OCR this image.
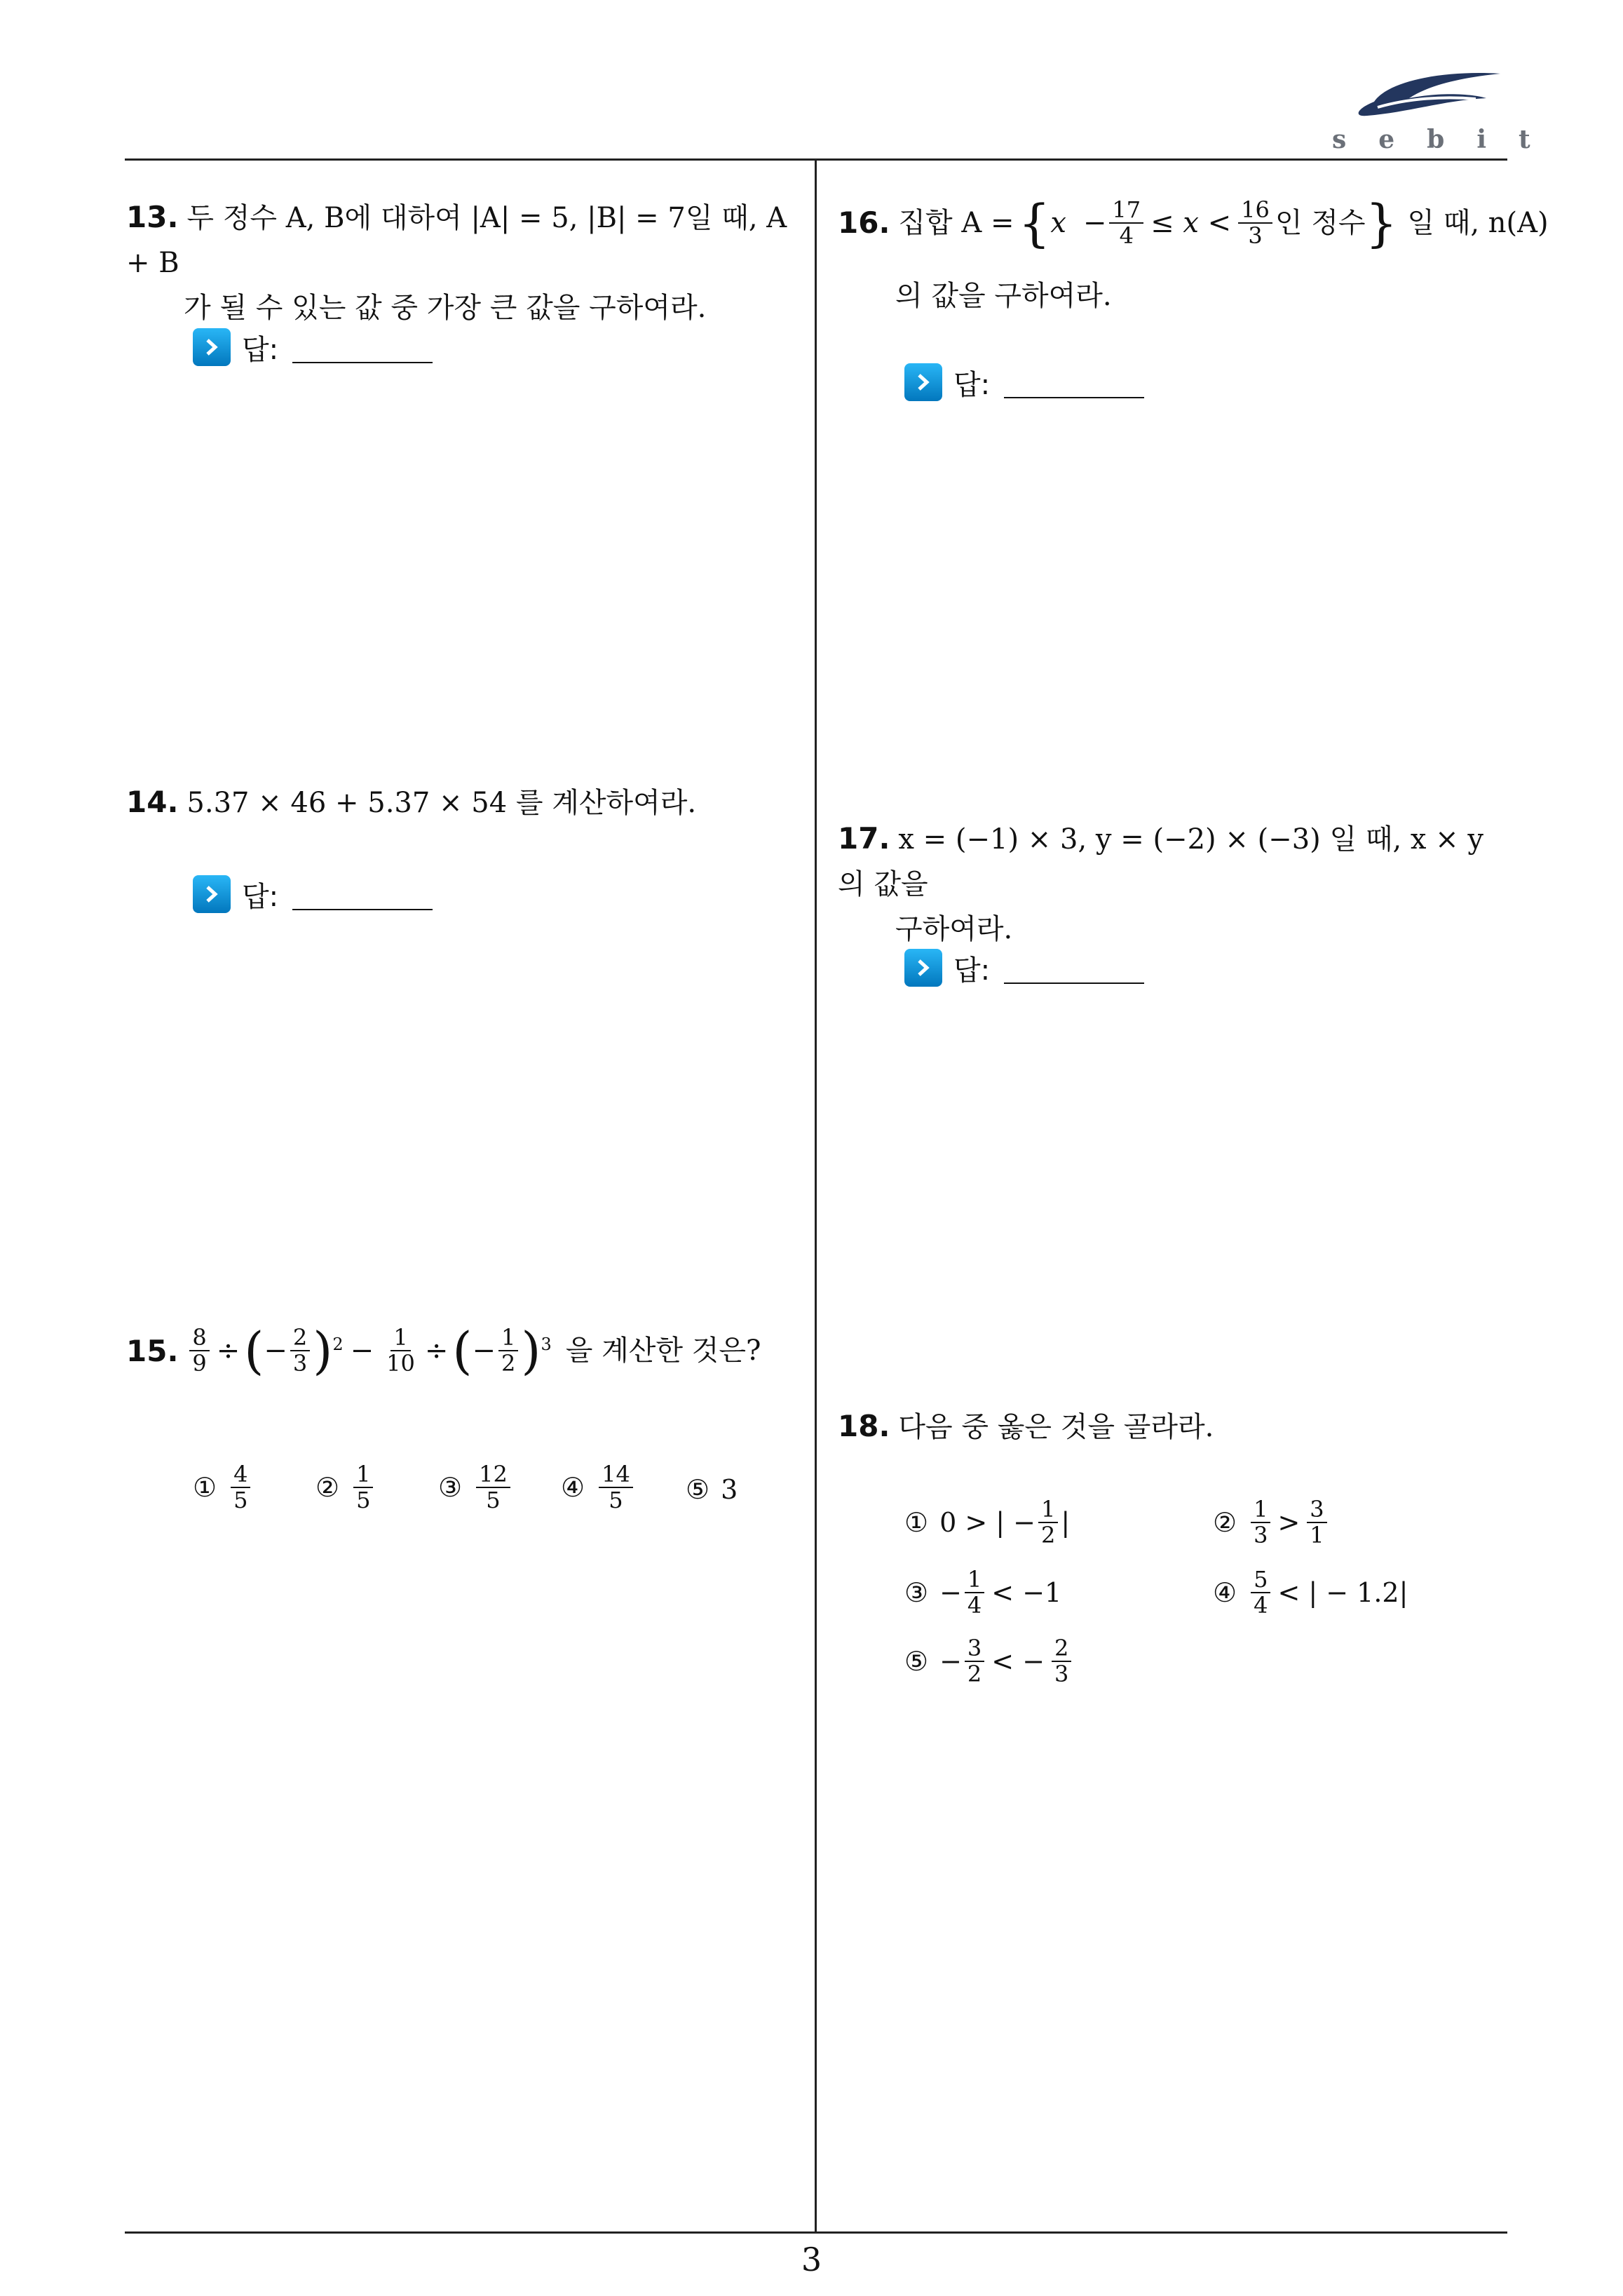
sebit
13. 두 정수 A, B에 대하여 |A| = 5, |B| = 7일 때, A + B
가 될 수 있는 값 중 가장 큰 값을 구하여라.
답:
14. 5.37 × 46 + 5.37 × 54 를 계산하여라.
답:
15. $\frac{8}{9}$ ÷ ( − $\frac{2}{3}$ ) $2 - \frac{1}{10}$ ÷ ( − $\frac{1}{2}$ ) 3 을 계산한 것은?
① $\frac{4}{5}$ ② $\frac{1}{5}$ ③ $\frac{12}{5}$ ④ $\frac{14}{5}$ ⑤ 3
16. 집합 A = { $x - \frac{17}{4} \le x < \frac{16}{3}$ 인 정수 } 일 때, n(A)
의 값을 구하여라.
답:
17. x = (−1) × 3, y = (−2) × (−3) 일 때, x × y 의 값을
구하여라.
답:
18. 다음 중 옳은 것을 골라라.
① 0 > | − $\frac{1}{2}$ |	② $\frac{1}{3} > \frac{3}{1}$
③ − $\frac{1}{4} < -1$	④ $\frac{5}{4}$ < | − 1.2|
⑤ − $\frac{3}{2}$ < − $\frac{2}{3}$
3
